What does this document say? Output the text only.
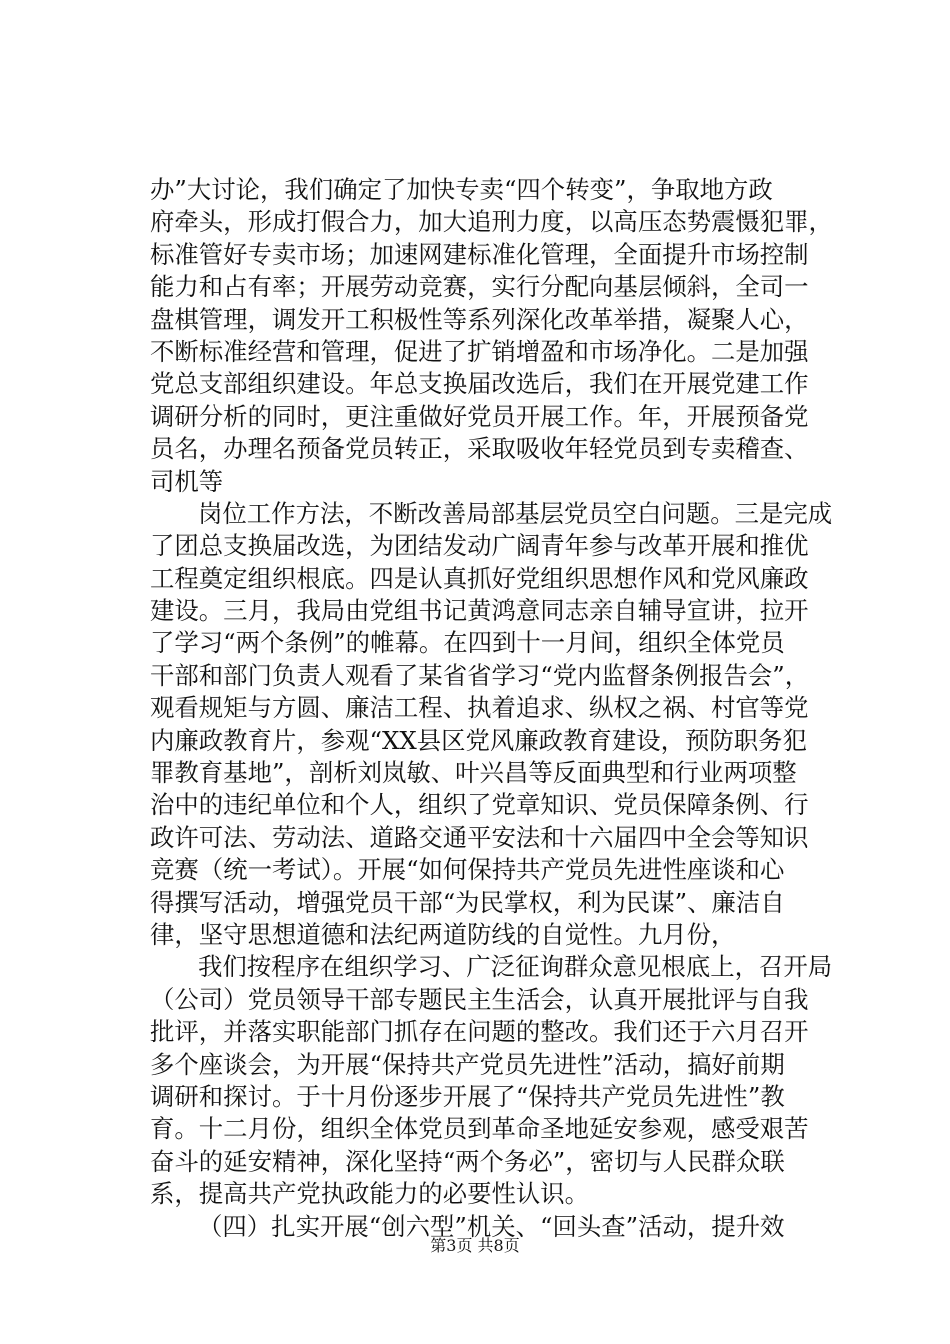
办”大讨论，我们确定了加快专卖“四个转变”，争取地方政
府牵头，形成打假合力，加大追刑力度，以高压态势震慑犯罪，
标准管好专卖市场；加速网建标准化管理，全面提升市场控制
能力和占有率；开展劳动竞赛，实行分配向基层倾斜，全司一
盘棋管理，调发开工积极性等系列深化改革举措，凝聚人心，
不断标准经营和管理，促进了扩销增盈和市场净化。二是加强
党总支部组织建设。年总支换届改选后，我们在开展党建工作
调研分析的同时，更注重做好党员开展工作。年，开展预备党
员名，办理名预备党员转正，采取吸收年轻党员到专卖稽查、
司机等
岗位工作方法，不断改善局部基层党员空白问题。三是完成
了团总支换届改选，为团结发动广阔青年参与改革开展和推优
工程奠定组织根底。四是认真抓好党组织思想作风和党风廉政
建设。三月，我局由党组书记黄鸿意同志亲自辅导宣讲，拉开
了学习“两个条例”的帷幕。在四到十一月间，组织全体党员
干部和部门负责人观看了某省省学习“党内监督条例报告会”，
观看规矩与方圆、廉洁工程、执着追求、纵权之祸、村官等党
内廉政教育片，参观“XX县区党风廉政教育建设，预防职务犯
罪教育基地”，剖析刘岚敏、叶兴昌等反面典型和行业两项整
治中的违纪单位和个人，组织了党章知识、党员保障条例、行
政许可法、劳动法、道路交通平安法和十六届四中全会等知识
竞赛（统一考试）。开展“如何保持共产党员先进性座谈和心
得撰写活动，增强党员干部“为民掌权，利为民谋”、廉洁自
律，坚守思想道德和法纪两道防线的自觉性。九月份，
我们按程序在组织学习、广泛征询群众意见根底上，召开局
（公司）党员领导干部专题民主生活会，认真开展批评与自我
批评，并落实职能部门抓存在问题的整改。我们还于六月召开
多个座谈会，为开展“保持共产党员先进性”活动，搞好前期
调研和探讨。于十月份逐步开展了“保持共产党员先进性”教
育。十二月份，组织全体党员到革命圣地延安参观，感受艰苦
奋斗的延安精神，深化坚持“两个务必”，密切与人民群众联
系，提高共产党执政能力的必要性认识。
（四）扎实开展“创六型”机关、“回头查”活动，提升效
第3页 共8页
